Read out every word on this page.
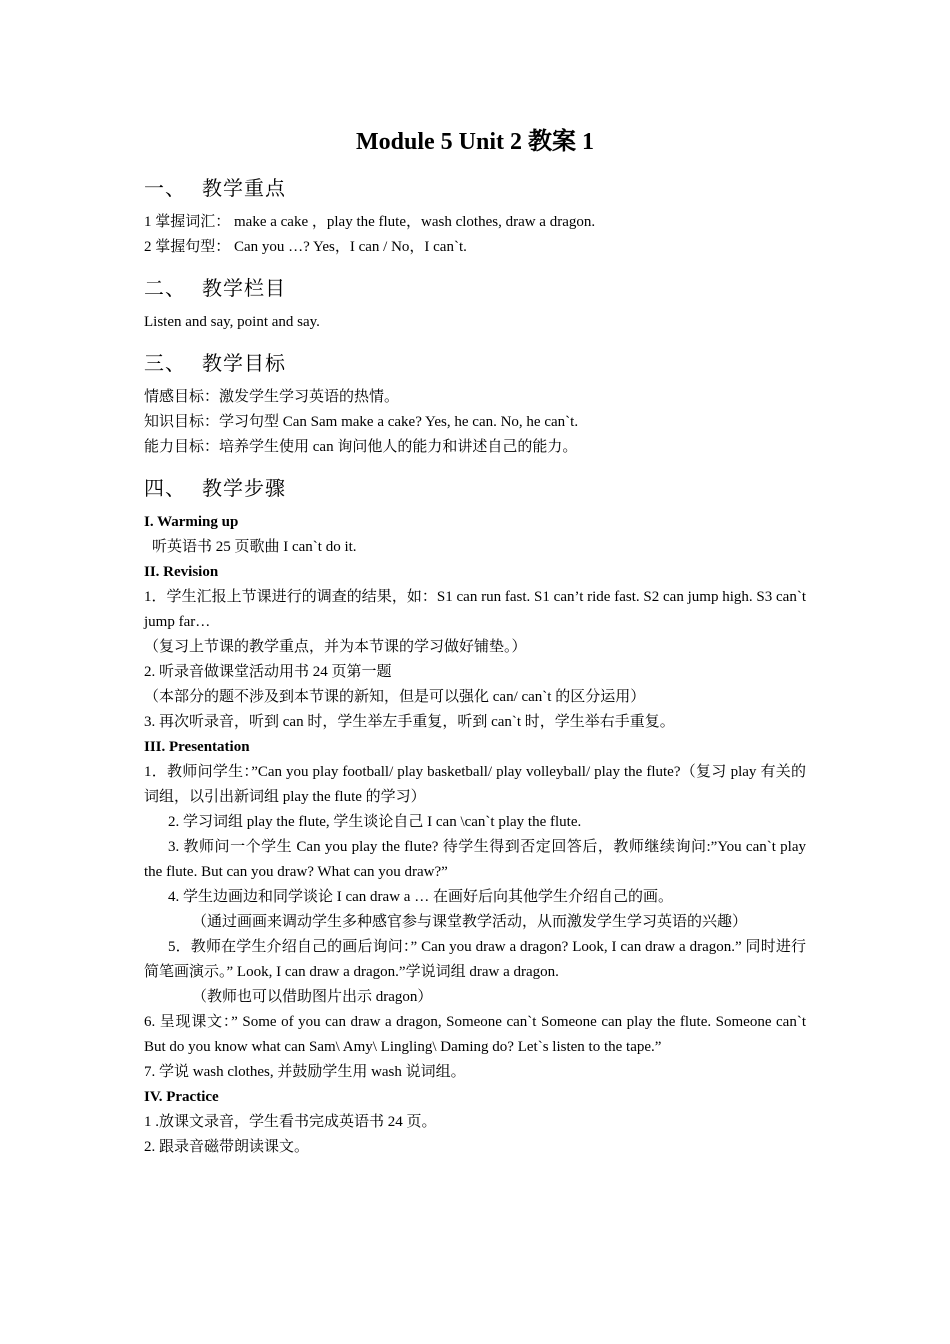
Module 5 Unit 2 教案 1
一、 教学重点

1 掌握词汇： make a cake ，play the flute，wash clothes, draw a dragon.

2 掌握句型： Can you …? Yes，I can / No，I can`t.

二、 教学栏目

Listen and say, point and say.

三、 教学目标

情感目标：激发学生学习英语的热情。

知识目标：学习句型 Can Sam make a cake? Yes, he can. No, he can`t.

能力目标：培养学生使用 can 询问他人的能力和讲述自己的能力。

四、 教学步骤

I. Warming up

听英语书 25 页歌曲 I can`t do it.

II. Revision

1．学生汇报上节课进行的调查的结果，如：S1 can run fast. S1 can’t ride fast. S2 can jump high. S3 can`t jump far…

（复习上节课的教学重点，并为本节课的学习做好铺垫。）

2. 听录音做课堂活动用书 24 页第一题

（本部分的题不涉及到本节课的新知，但是可以强化 can/ can`t 的区分运用）

3. 再次听录音，听到 can 时，学生举左手重复，听到 can`t 时，学生举右手重复。

III. Presentation

1．教师问学生：”Can you play football/ play basketball/ play volleyball/ play the flute?（复习 play 有关的词组，以引出新词组 play the flute 的学习）

2. 学习词组 play the flute, 学生谈论自己 I can \can`t play the flute.

3. 教师问一个学生 Can you play the flute? 待学生得到否定回答后，教师继续询问:”You can`t play the flute. But can you draw? What can you draw?”

4. 学生边画边和同学谈论 I can draw a … 在画好后向其他学生介绍自己的画。

（通过画画来调动学生多种感官参与课堂教学活动，从而激发学生学习英语的兴趣）

5．教师在学生介绍自己的画后询问：” Can you draw a dragon? Look, I can draw a dragon.” 同时进行简笔画演示。” Look, I can draw a dragon.”学说词组 draw a dragon.

（教师也可以借助图片出示 dragon）

6. 呈现课文：” Some of you can draw a dragon, Someone can`t Someone can play the flute. Someone can`t But do you know what can Sam\ Amy\ Lingling\ Daming do? Let`s listen to the tape.”

7. 学说 wash clothes, 并鼓励学生用 wash 说词组。

IV. Practice

1 .放课文录音，学生看书完成英语书 24 页。

2. 跟录音磁带朗读课文。
